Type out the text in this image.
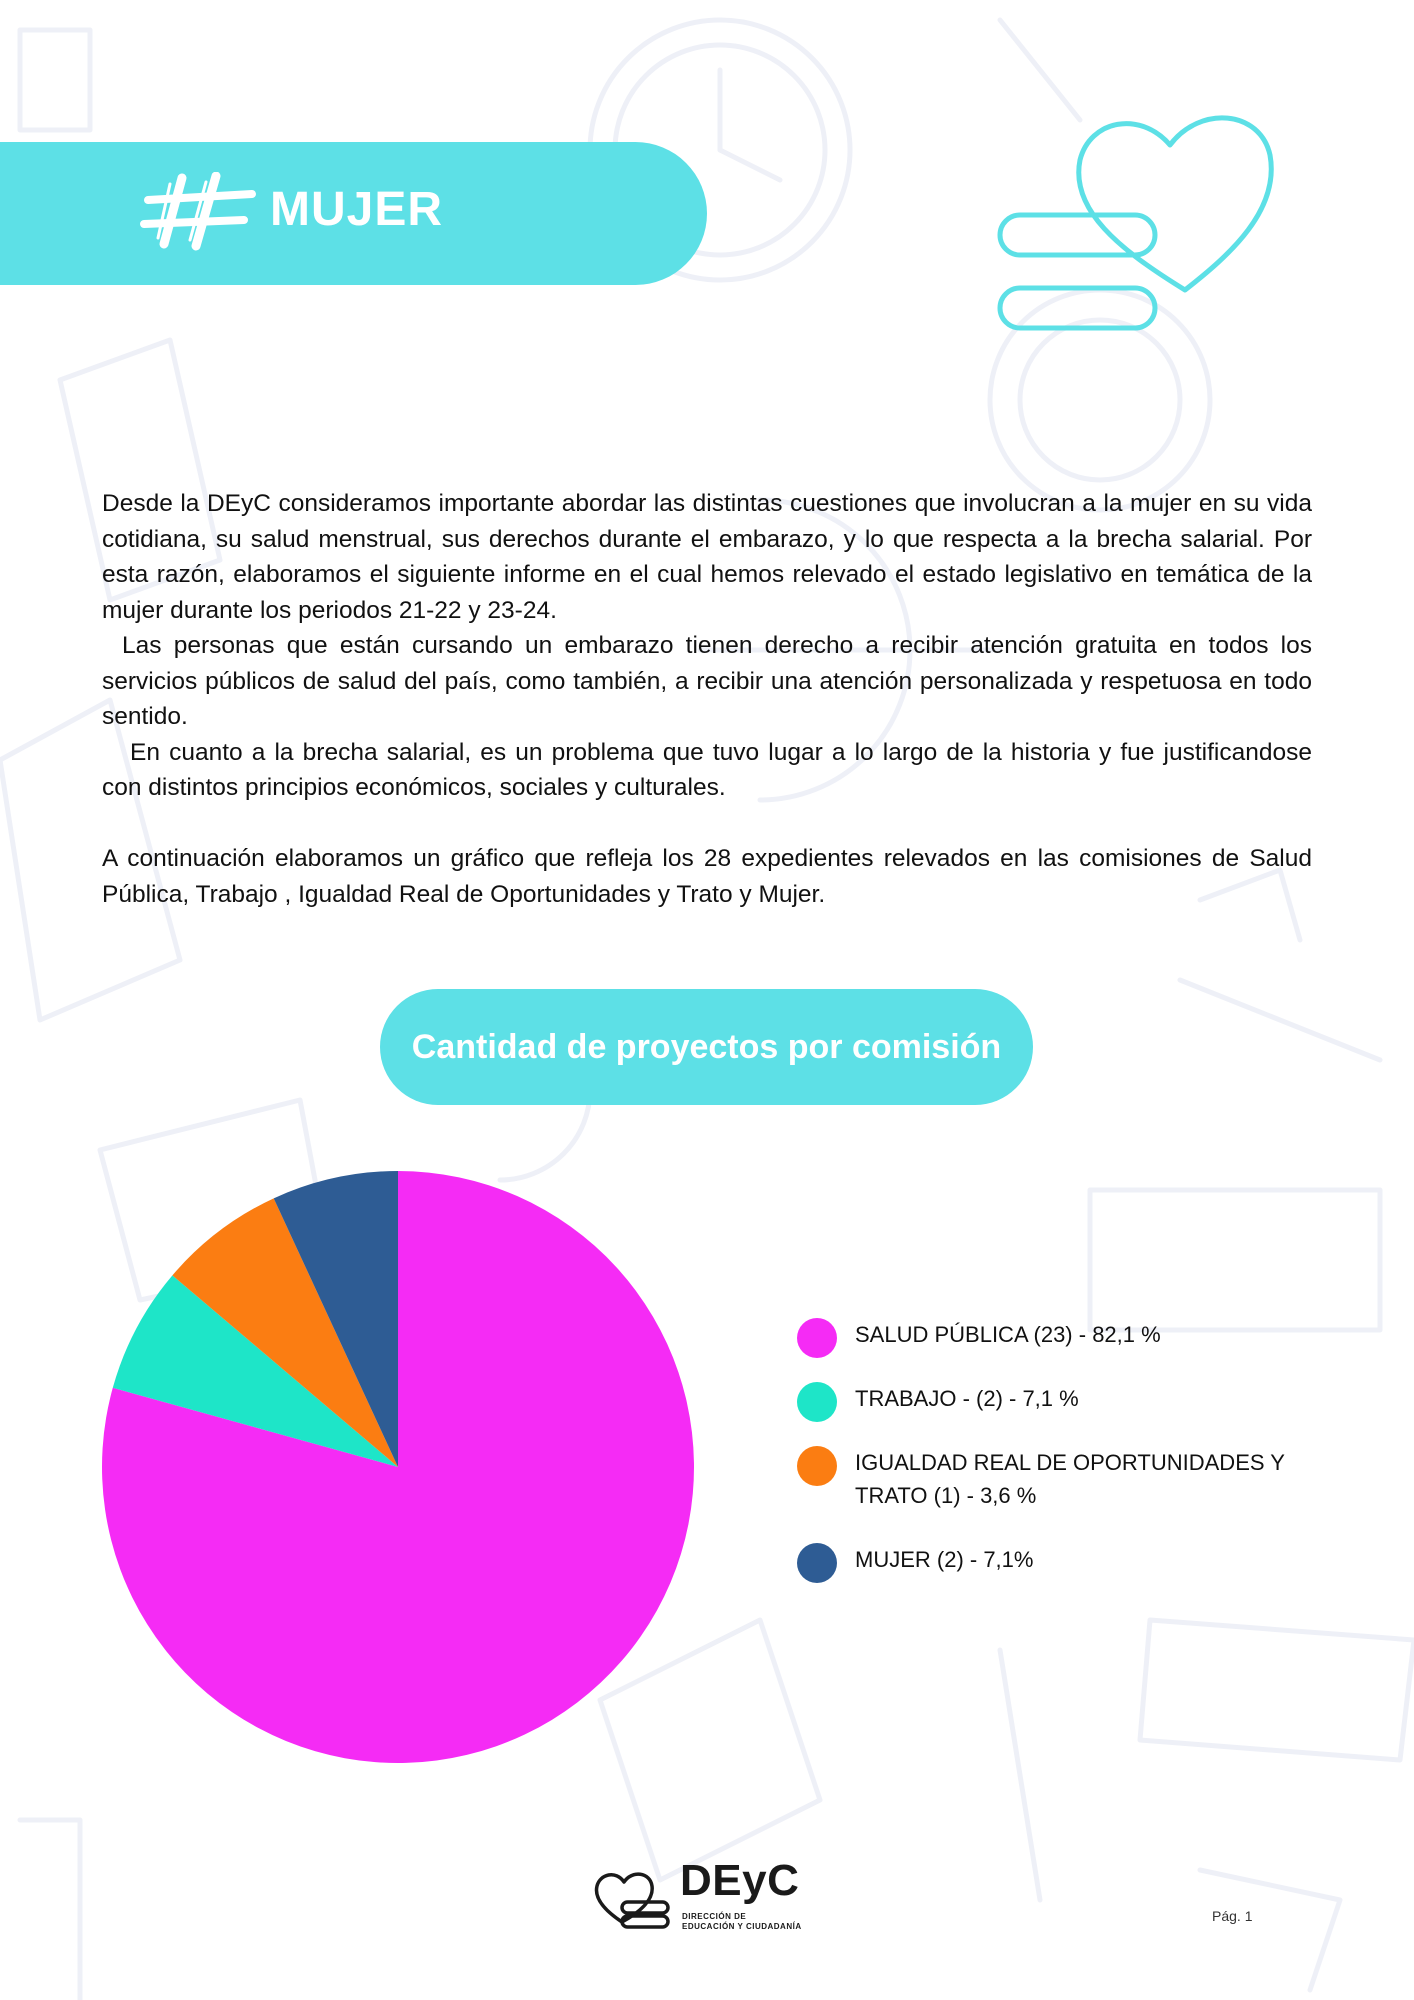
MUJER

Desde la DEyC consideramos importante abordar las distintas cuestiones que involucran a la mujer en su vida cotidiana, su salud menstrual, sus derechos durante el embarazo, y lo que respecta a la brecha salarial. Por esta razón, elaboramos el siguiente informe en el cual hemos relevado el estado legislativo en temática de la mujer durante los periodos 21-22 y 23-24.

Las personas que están cursando un embarazo tienen derecho a recibir atención gratuita en todos los servicios públicos de salud del país, como también, a recibir una atención personalizada y respetuosa en todo sentido.

En cuanto a la brecha salarial, es un problema que tuvo lugar a lo largo de la historia y fue justificandose con distintos principios económicos, sociales y culturales.

A continuación elaboramos un gráfico que refleja los 28 expedientes relevados en las comisiones de Salud Pública, Trabajo , Igualdad Real de Oportunidades y Trato y Mujer.

Cantidad de proyectos por comisión
SALUD PÚBLICA (23) - 82,1 %
TRABAJO - (2) - 7,1 %
IGUALDAD REAL DE OPORTUNIDADES Y TRATO (1) - 3,6 %
MUJER (2) - 7,1%
DEyC
DIRECCIÓN DE
EDUCACIÓN Y CIUDADANÍA
Pág. 1
